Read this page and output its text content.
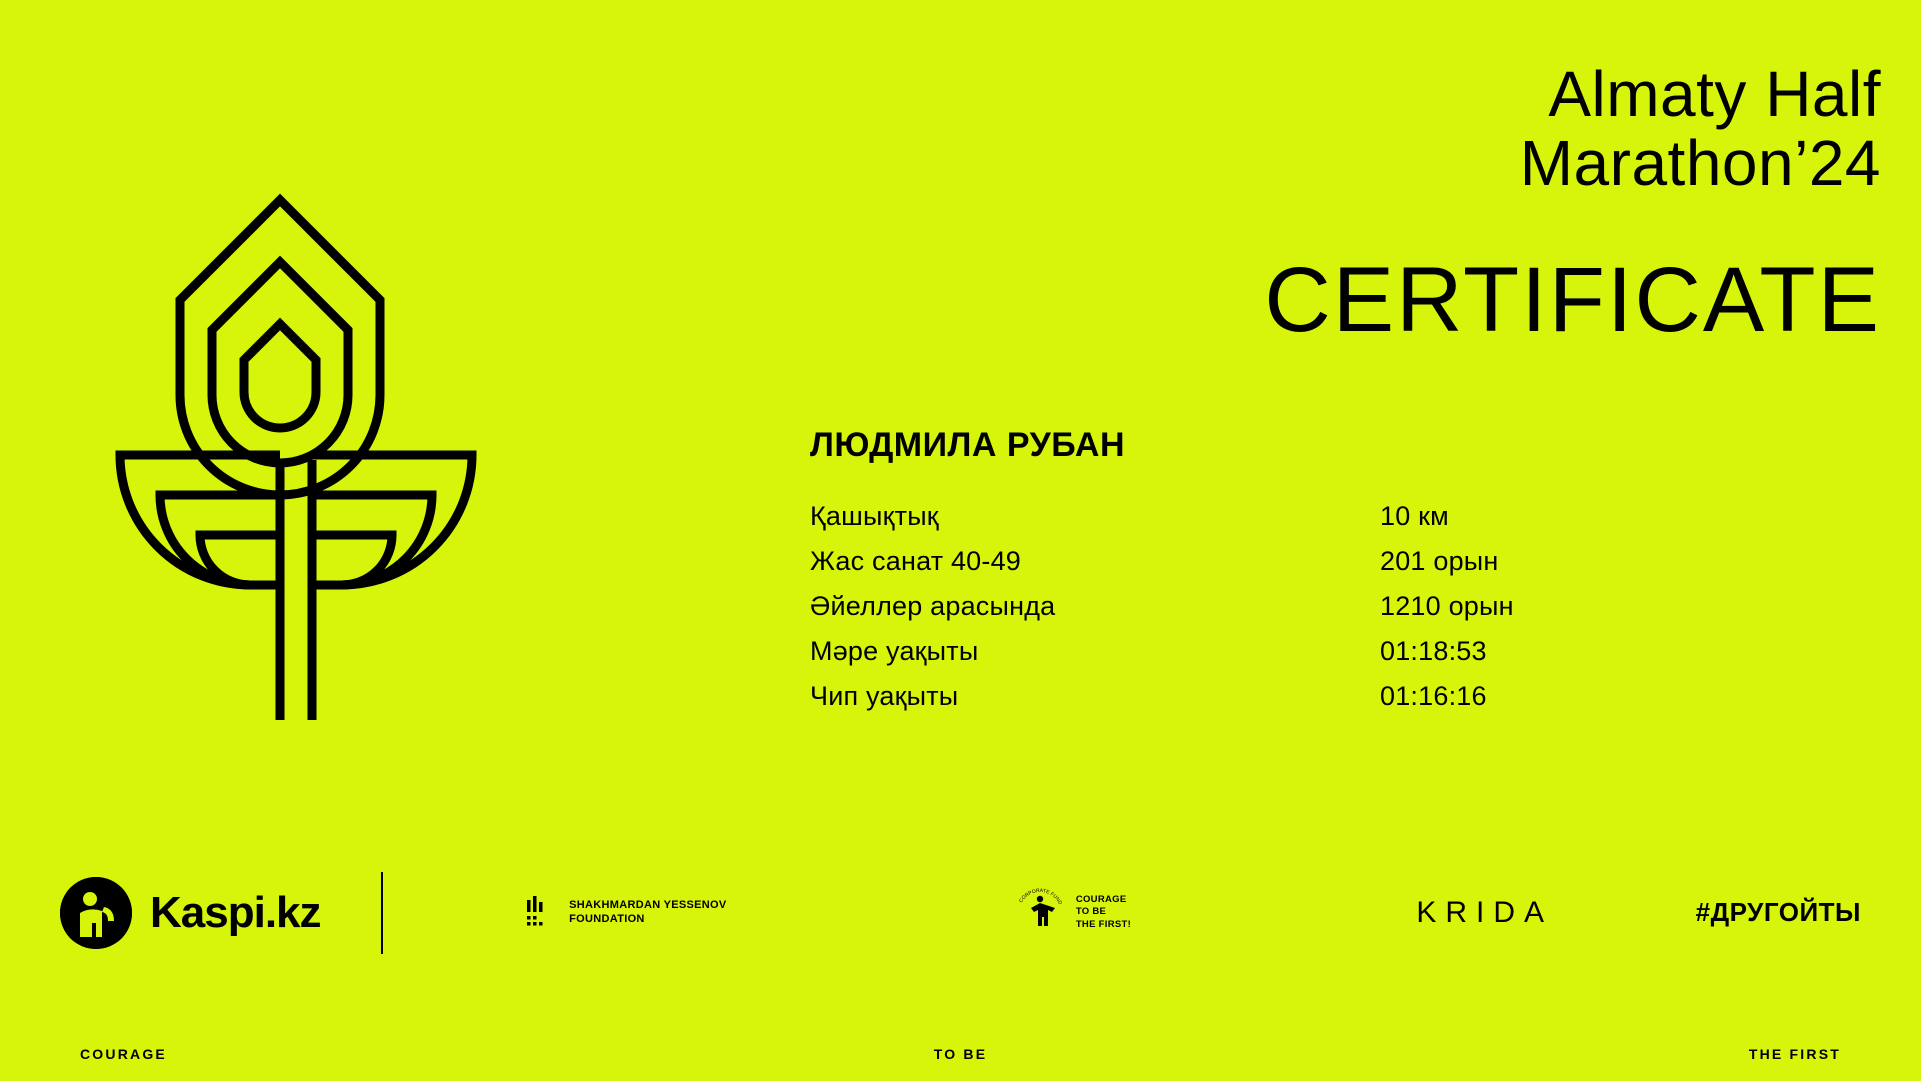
Almaty Half
Marathon’24
CERTIFICATE
ЛЮДМИЛА РУБАН
Қашықтық	10 км
Жас санат 40-49	201 орын
Әйеллер арасында	1210 орын
Мәре уақыты	01:18:53
Чип уақыты	01:16:16
Kaspi.kz	SHAKHMARDAN YESSENOV
FOUNDATION
CORPORATE FUND COURAGE
TO BE
THE FIRST!	KRIDA	#ДРУГОЙТЫ
COURAGE	TO BE	THE FIRST
